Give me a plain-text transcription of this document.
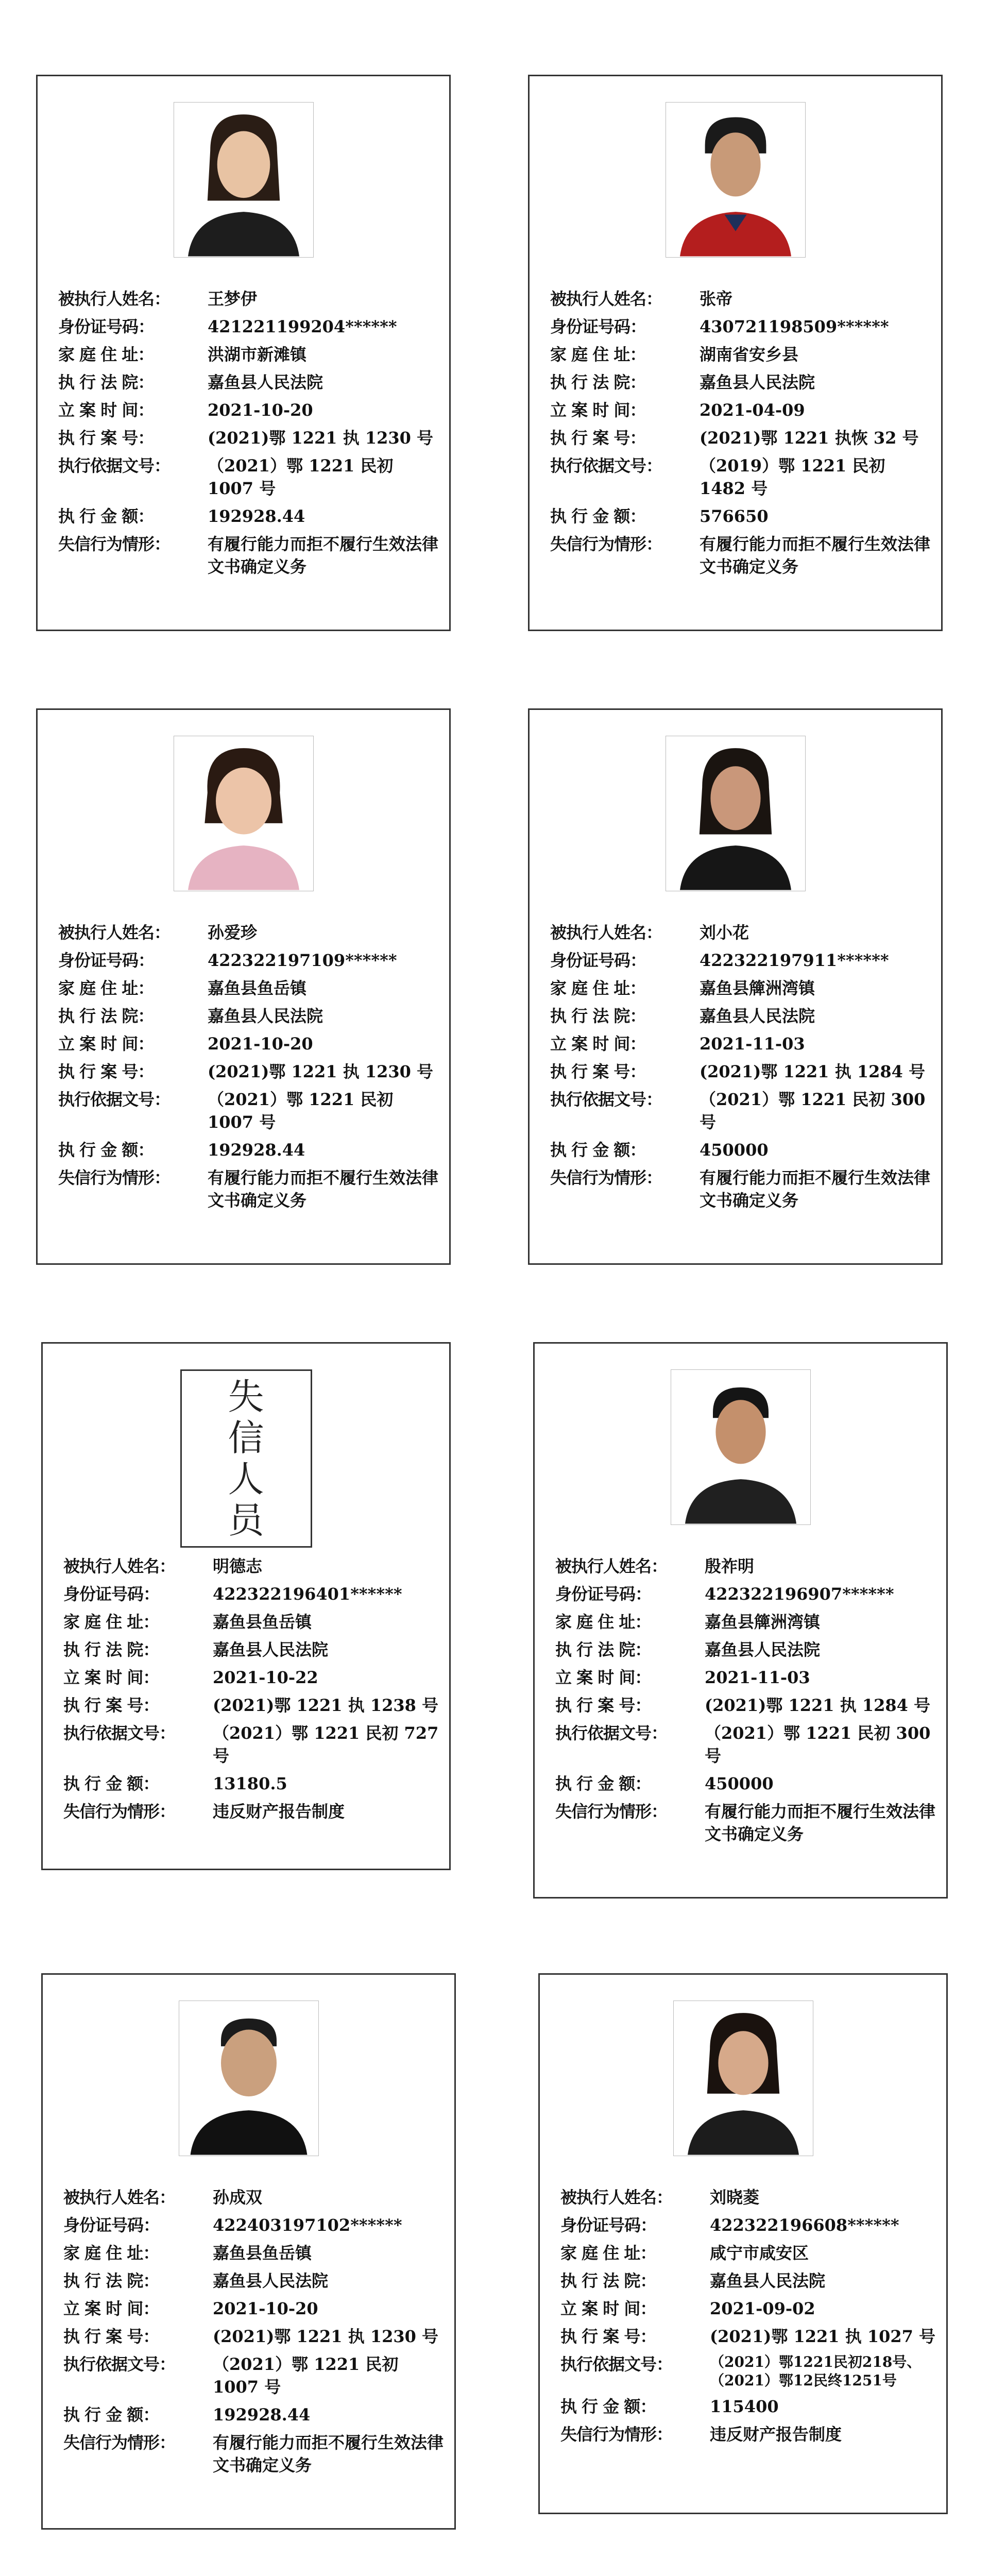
被执行人姓名：	王梦伊
身份证号码：	421221199204******
家 庭 住 址：	洪湖市新滩镇
执 行 法 院：	嘉鱼县人民法院
立 案 时 间：	2021-10-20
执 行 案 号：	(2021)鄂 1221 执 1230 号
执行依据文号：	（2021）鄂 1221 民初 1007 号
执 行 金 额：	192928.44
失信行为情形：	有履行能力而拒不履行生效法律文书确定义务
被执行人姓名：	张帝
身份证号码：	430721198509******
家 庭 住 址：	湖南省安乡县
执 行 法 院：	嘉鱼县人民法院
立 案 时 间：	2021-04-09
执 行 案 号：	(2021)鄂 1221 执恢 32 号
执行依据文号：	（2019）鄂 1221 民初 1482 号
执 行 金 额：	576650
失信行为情形：	有履行能力而拒不履行生效法律文书确定义务
被执行人姓名：	孙爱珍
身份证号码：	422322197109******
家 庭 住 址：	嘉鱼县鱼岳镇
执 行 法 院：	嘉鱼县人民法院
立 案 时 间：	2021-10-20
执 行 案 号：	(2021)鄂 1221 执 1230 号
执行依据文号：	（2021）鄂 1221 民初 1007 号
执 行 金 额：	192928.44
失信行为情形：	有履行能力而拒不履行生效法律文书确定义务
被执行人姓名：	刘小花
身份证号码：	422322197911******
家 庭 住 址：	嘉鱼县簰洲湾镇
执 行 法 院：	嘉鱼县人民法院
立 案 时 间：	2021-11-03
执 行 案 号：	(2021)鄂 1221 执 1284 号
执行依据文号：	（2021）鄂 1221 民初 300 号
执 行 金 额：	450000
失信行为情形：	有履行能力而拒不履行生效法律文书确定义务
失
信
人
员
被执行人姓名：	明德志
身份证号码：	422322196401******
家 庭 住 址：	嘉鱼县鱼岳镇
执 行 法 院：	嘉鱼县人民法院
立 案 时 间：	2021-10-22
执 行 案 号：	(2021)鄂 1221 执 1238 号
执行依据文号：	（2021）鄂 1221 民初 727 号
执 行 金 额：	13180.5
失信行为情形：	违反财产报告制度
被执行人姓名：	殷祚明
身份证号码：	422322196907******
家 庭 住 址：	嘉鱼县簰洲湾镇
执 行 法 院：	嘉鱼县人民法院
立 案 时 间：	2021-11-03
执 行 案 号：	(2021)鄂 1221 执 1284 号
执行依据文号：	（2021）鄂 1221 民初 300 号
执 行 金 额：	450000
失信行为情形：	有履行能力而拒不履行生效法律文书确定义务
被执行人姓名：	孙成双
身份证号码：	422403197102******
家 庭 住 址：	嘉鱼县鱼岳镇
执 行 法 院：	嘉鱼县人民法院
立 案 时 间：	2021-10-20
执 行 案 号：	(2021)鄂 1221 执 1230 号
执行依据文号：	（2021）鄂 1221 民初 1007 号
执 行 金 额：	192928.44
失信行为情形：	有履行能力而拒不履行生效法律文书确定义务
被执行人姓名：	刘晓菱
身份证号码：	422322196608******
家 庭 住 址：	咸宁市咸安区
执 行 法 院：	嘉鱼县人民法院
立 案 时 间：	2021-09-02
执 行 案 号：	(2021)鄂 1221 执 1027 号
执行依据文号：	（2021）鄂1221民初218号、（2021）鄂12民终1251号
执 行 金 额：	115400
失信行为情形：	违反财产报告制度
